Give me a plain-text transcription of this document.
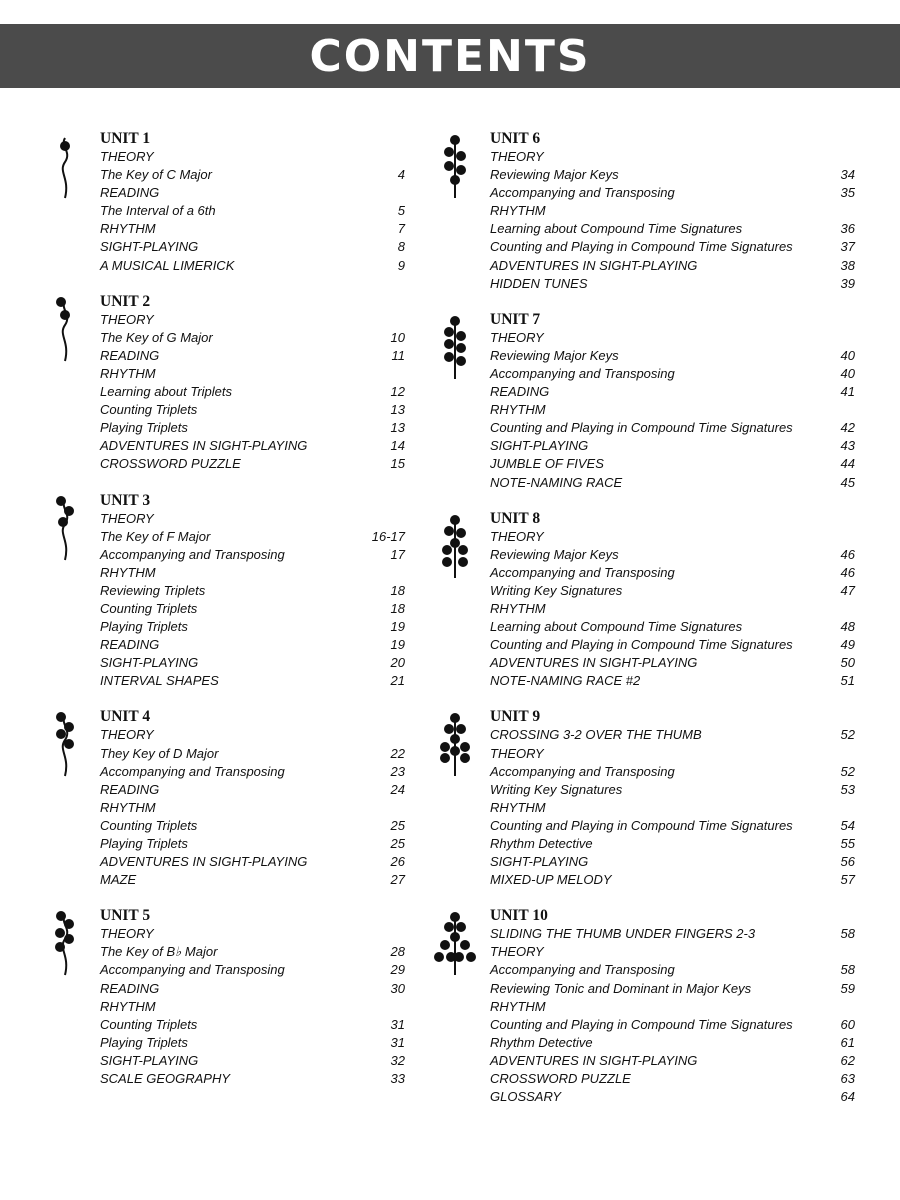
CONTENTS
UNIT 1
THEORY
The Key of C Major	4
READING
The Interval of a 6th	5
RHYTHM	7
SIGHT-PLAYING	8
A MUSICAL LIMERICK	9
UNIT 2
THEORY
The Key of G Major	10
READING	11
RHYTHM
Learning about Triplets	12
Counting Triplets	13
Playing Triplets	13
ADVENTURES IN SIGHT-PLAYING	14
CROSSWORD PUZZLE	15
UNIT 3
THEORY
The Key of F Major	16-17
Accompanying and Transposing	17
RHYTHM
Reviewing Triplets	18
Counting Triplets	18
Playing Triplets	19
READING	19
SIGHT-PLAYING	20
INTERVAL SHAPES	21
UNIT 4
THEORY
They Key of D Major	22
Accompanying and Transposing	23
READING	24
RHYTHM
Counting Triplets	25
Playing Triplets	25
ADVENTURES IN SIGHT-PLAYING	26
MAZE	27
UNIT 5
THEORY
The Key of B♭ Major	28
Accompanying and Transposing	29
READING	30
RHYTHM
Counting Triplets	31
Playing Triplets	31
SIGHT-PLAYING	32
SCALE GEOGRAPHY	33
UNIT 6
THEORY
Reviewing Major Keys	34
Accompanying and Transposing	35
RHYTHM
Learning about Compound Time Signatures	36
Counting and Playing in Compound Time Signatures	37
ADVENTURES IN SIGHT-PLAYING	38
HIDDEN TUNES	39
UNIT 7
THEORY
Reviewing Major Keys	40
Accompanying and Transposing	40
READING	41
RHYTHM
Counting and Playing in Compound Time Signatures	42
SIGHT-PLAYING	43
JUMBLE OF FIVES	44
NOTE-NAMING RACE	45
UNIT 8
THEORY
Reviewing Major Keys	46
Accompanying and Transposing	46
Writing Key Signatures	47
RHYTHM
Learning about Compound Time Signatures	48
Counting and Playing in Compound Time Signatures	49
ADVENTURES IN SIGHT-PLAYING	50
NOTE-NAMING RACE #2	51
UNIT 9
CROSSING 3-2 OVER THE THUMB	52
THEORY
Accompanying and Transposing	52
Writing Key Signatures	53
RHYTHM
Counting and Playing in Compound Time Signatures	54
Rhythm Detective	55
SIGHT-PLAYING	56
MIXED-UP MELODY	57
UNIT 10
SLIDING THE THUMB UNDER FINGERS 2-3	58
THEORY
Accompanying and Transposing	58
Reviewing Tonic and Dominant in Major Keys	59
RHYTHM
Counting and Playing in Compound Time Signatures	60
Rhythm Detective	61
ADVENTURES IN SIGHT-PLAYING	62
CROSSWORD PUZZLE	63
GLOSSARY	64
